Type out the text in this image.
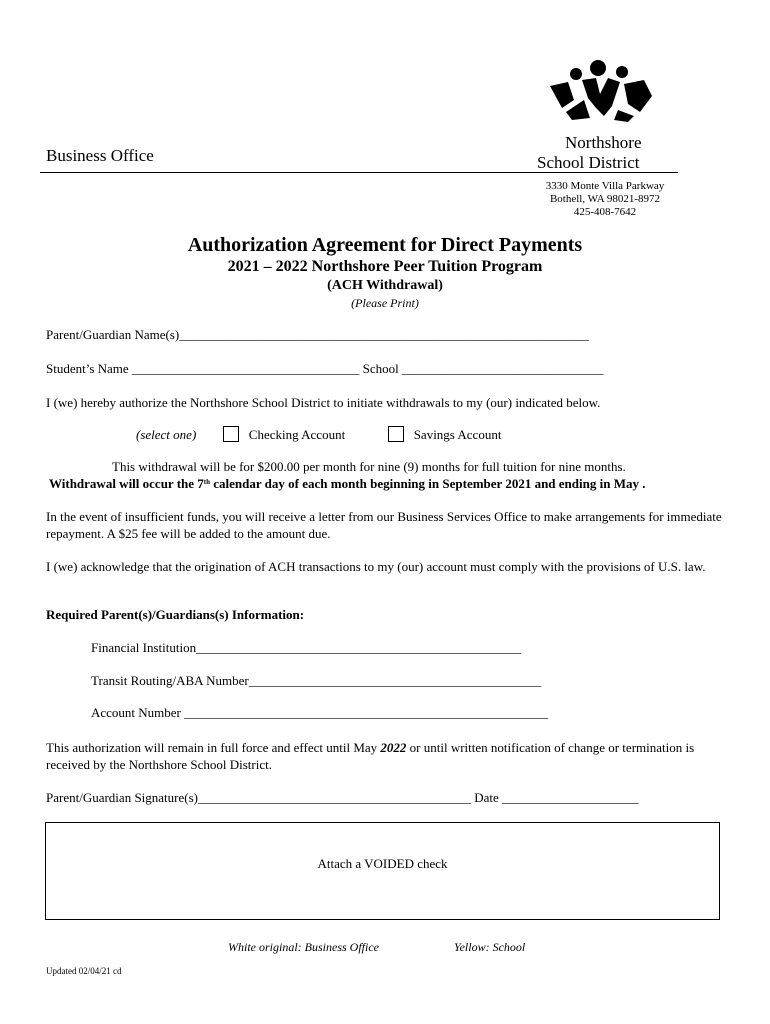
Northshore
School District
Business Office
3330 Monte Villa Parkway
Bothell, WA 98021-8972
425-408-7642
Authorization Agreement for Direct Payments
2021 – 2022 Northshore Peer Tuition Program
(ACH Withdrawal)
(Please Print)
Parent/Guardian Name(s)_______________________________________________________________
Student’s Name ___________________________________ School _______________________________
I (we) hereby authorize the Northshore School District to initiate withdrawals to my (our) indicated below.
(select one)	Checking Account	Savings Account
This withdrawal will be for $200.00 per month for nine (9) months for full tuition for nine months.
Withdrawal will occur the 7th calendar day of each month beginning in September 2021 and ending in May .
In the event of insufficient funds, you will receive a letter from our Business Services Office to make arrangements for immediate repayment. A $25 fee will be added to the amount due.
I (we) acknowledge that the origination of ACH transactions to my (our) account must comply with the provisions of U.S. law.
Required Parent(s)/Guardians(s) Information:
Financial Institution__________________________________________________
Transit Routing/ABA Number_____________________________________________
Account Number ________________________________________________________
This authorization will remain in full force and effect until May 2022 or until written notification of change or termination is received by the Northshore School District.
Parent/Guardian Signature(s)__________________________________________ Date _____________________
Attach a VOIDED check
White original: Business Office	Yellow: School
Updated 02/04/21 cd
